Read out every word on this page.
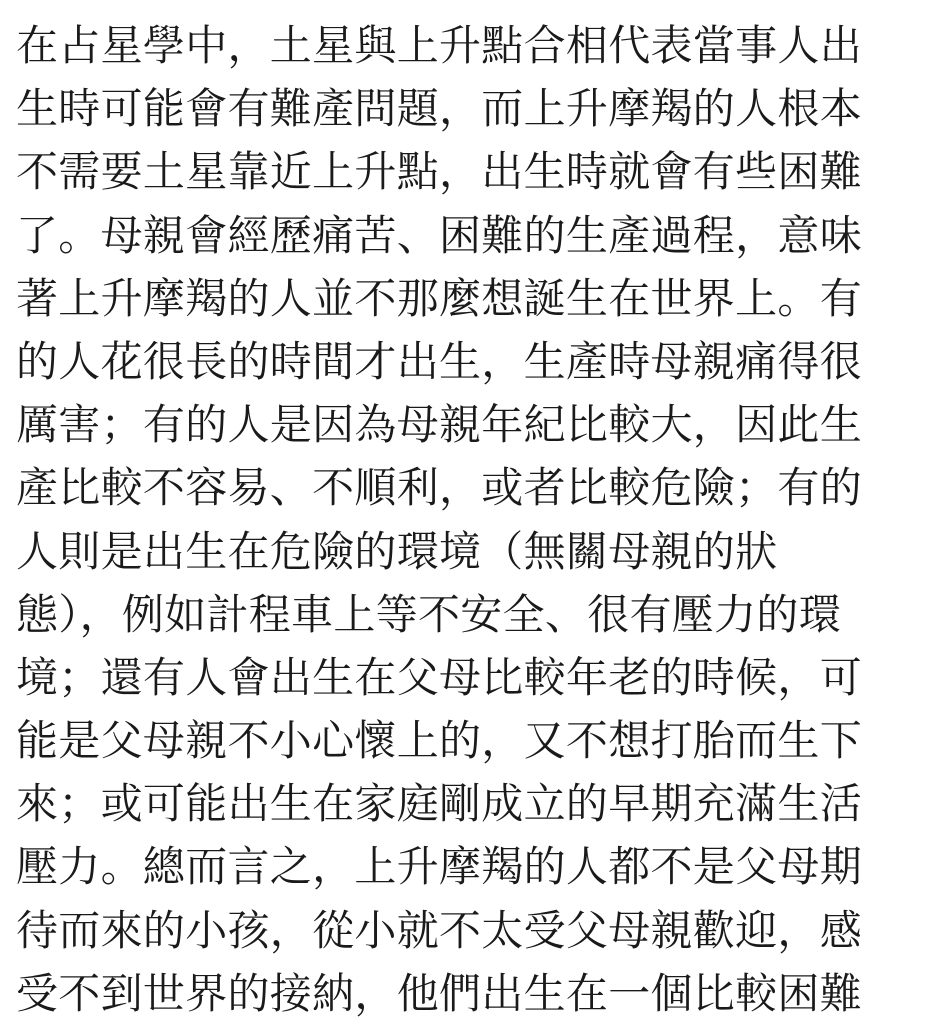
在占星學中，土星與上升點合相代表當事人出
生時可能會有難產問題，而上升摩羯的人根本
不需要土星靠近上升點，出生時就會有些困難
了。母親會經歷痛苦、困難的生產過程，意味
著上升摩羯的人並不那麼想誕生在世界上。有
的人花很長的時間才出生，生產時母親痛得很
厲害；有的人是因為母親年紀比較大，因此生
產比較不容易、不順利，或者比較危險；有的
人則是出生在危險的環境（無關母親的狀
態），例如計程車上等不安全、很有壓力的環
境；還有人會出生在父母比較年老的時候，可
能是父母親不小心懷上的，又不想打胎而生下
來；或可能出生在家庭剛成立的早期充滿生活
壓力。總而言之，上升摩羯的人都不是父母期
待而來的小孩，從小就不太受父母親歡迎，感
受不到世界的接納，他們出生在一個比較困難
